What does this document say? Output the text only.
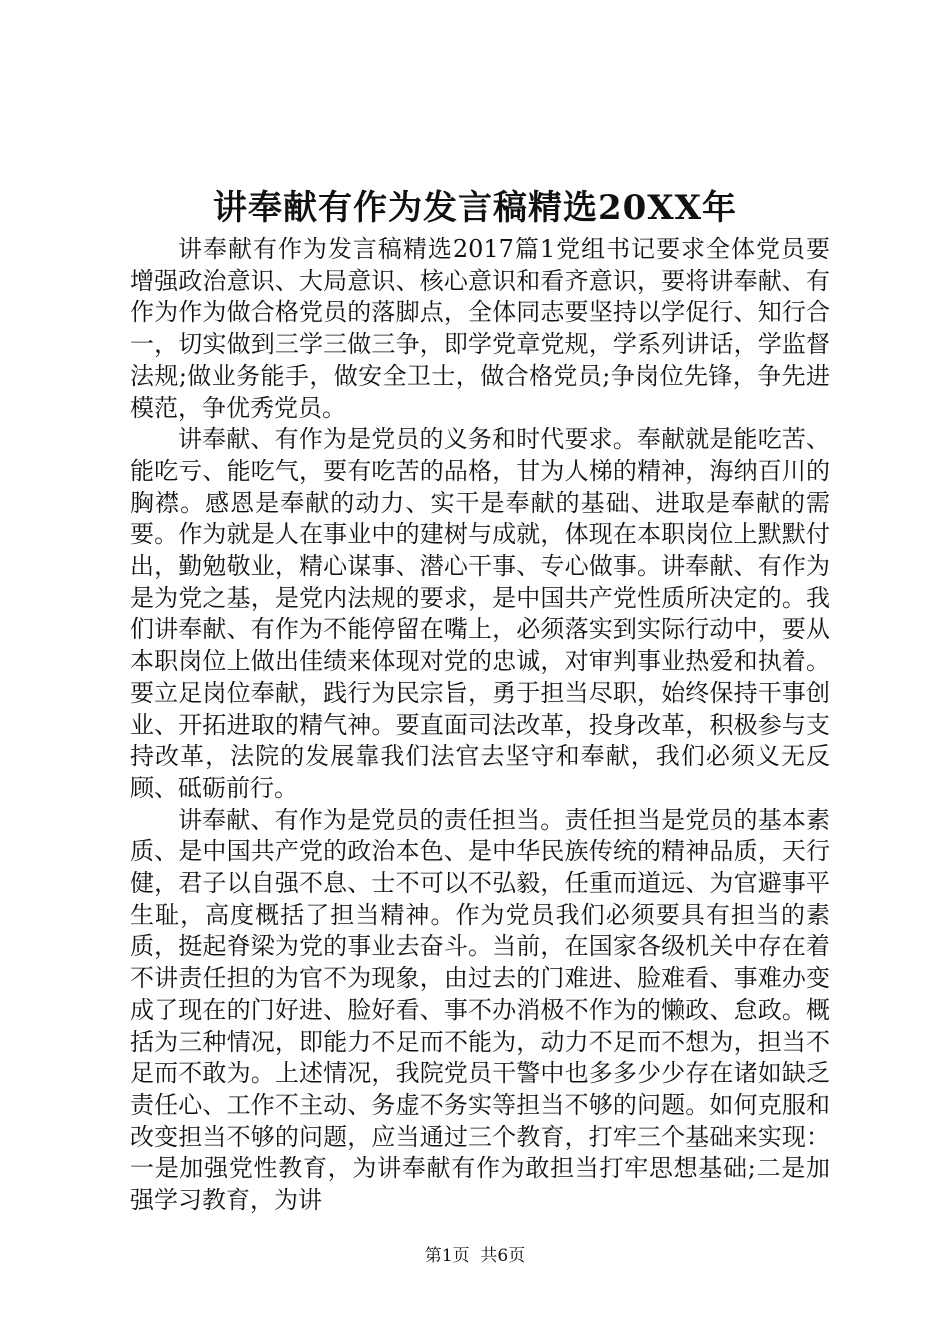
讲奉献有作为发言稿精选20XX年

讲奉献有作为发言稿精选2017篇1党组书记要求全体党员要增强政治意识、大局意识、核心意识和看齐意识，要将讲奉献、有作为作为做合格党员的落脚点，全体同志要坚持以学促行、知行合一，切实做到三学三做三争，即学党章党规，学系列讲话，学监督法规;做业务能手，做安全卫士，做合格党员;争岗位先锋，争先进模范，争优秀党员。

讲奉献、有作为是党员的义务和时代要求。奉献就是能吃苦、能吃亏、能吃气，要有吃苦的品格，甘为人梯的精神，海纳百川的胸襟。感恩是奉献的动力、实干是奉献的基础、进取是奉献的需要。作为就是人在事业中的建树与成就，体现在本职岗位上默默付出，勤勉敬业，精心谋事、潜心干事、专心做事。讲奉献、有作为是为党之基，是党内法规的要求，是中国共产党性质所决定的。我们讲奉献、有作为不能停留在嘴上，必须落实到实际行动中，要从本职岗位上做出佳绩来体现对党的忠诚，对审判事业热爱和执着。要立足岗位奉献，践行为民宗旨，勇于担当尽职，始终保持干事创业、开拓进取的精气神。要直面司法改革，投身改革，积极参与支持改革，法院的发展靠我们法官去坚守和奉献，我们必须义无反顾、砥砺前行。

讲奉献、有作为是党员的责任担当。责任担当是党员的基本素质、是中国共产党的政治本色、是中华民族传统的精神品质，天行健，君子以自强不息、士不可以不弘毅，任重而道远、为官避事平生耻，高度概括了担当精神。作为党员我们必须要具有担当的素质，挺起脊梁为党的事业去奋斗。当前，在国家各级机关中存在着不讲责任担的为官不为现象，由过去的门难进、脸难看、事难办变成了现在的门好进、脸好看、事不办消极不作为的懒政、怠政。概括为三种情况，即能力不足而不能为，动力不足而不想为，担当不足而不敢为。上述情况，我院党员干警中也多多少少存在诸如缺乏责任心、工作不主动、务虚不务实等担当不够的问题。如何克服和改变担当不够的问题，应当通过三个教育，打牢三个基础来实现：一是加强党性教育，为讲奉献有作为敢担当打牢思想基础;二是加强学习教育，为讲

第1页  共6页
